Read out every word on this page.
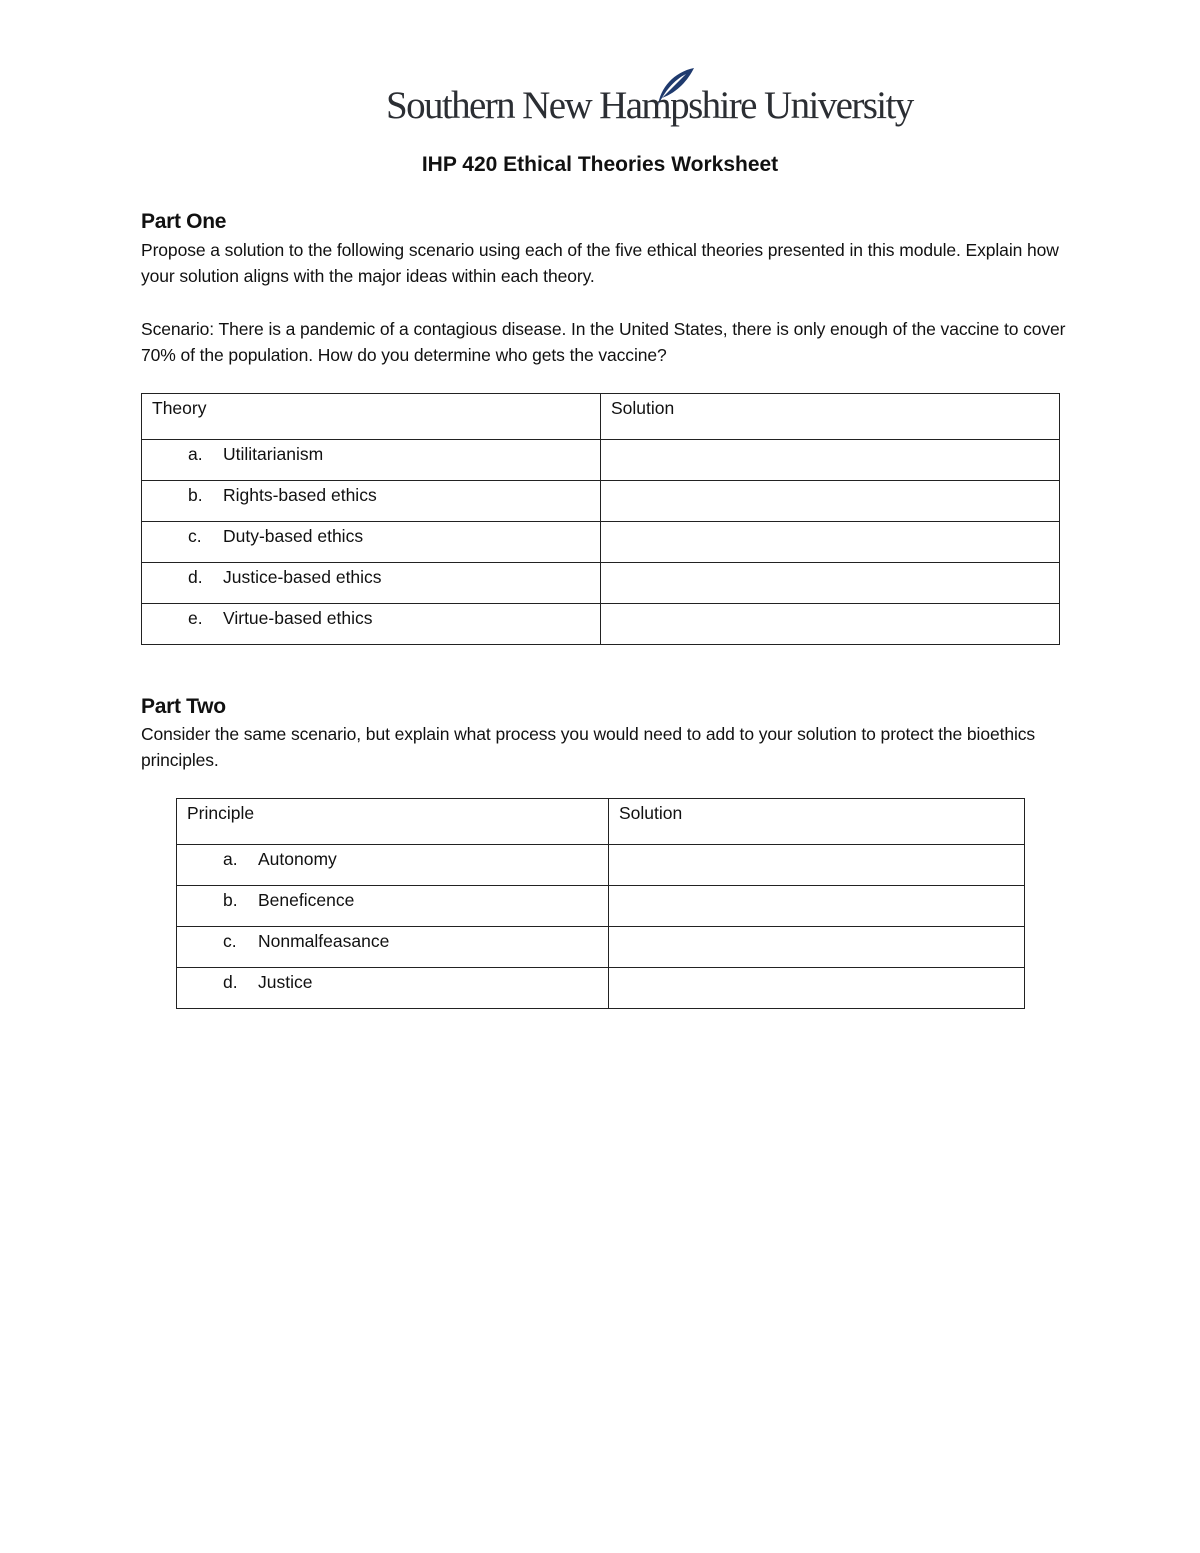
Southern New Hampshire University
IHP 420 Ethical Theories Worksheet
Part One
Propose a solution to the following scenario using each of the five ethical theories presented in this module. Explain how your solution aligns with the major ideas within each theory.
Scenario: There is a pandemic of a contagious disease. In the United States, there is only enough of the vaccine to cover 70% of the population. How do you determine who gets the vaccine?
Theory	Solution

a. Utilitarianism	

b. Rights-based ethics	

c. Duty-based ethics	

d. Justice-based ethics	

e. Virtue-based ethics	

Part Two
Consider the same scenario, but explain what process you would need to add to your solution to protect the bioethics principles.
Principle	Solution

a. Autonomy	

b. Beneficence	

c. Nonmalfeasance	

d. Justice	
